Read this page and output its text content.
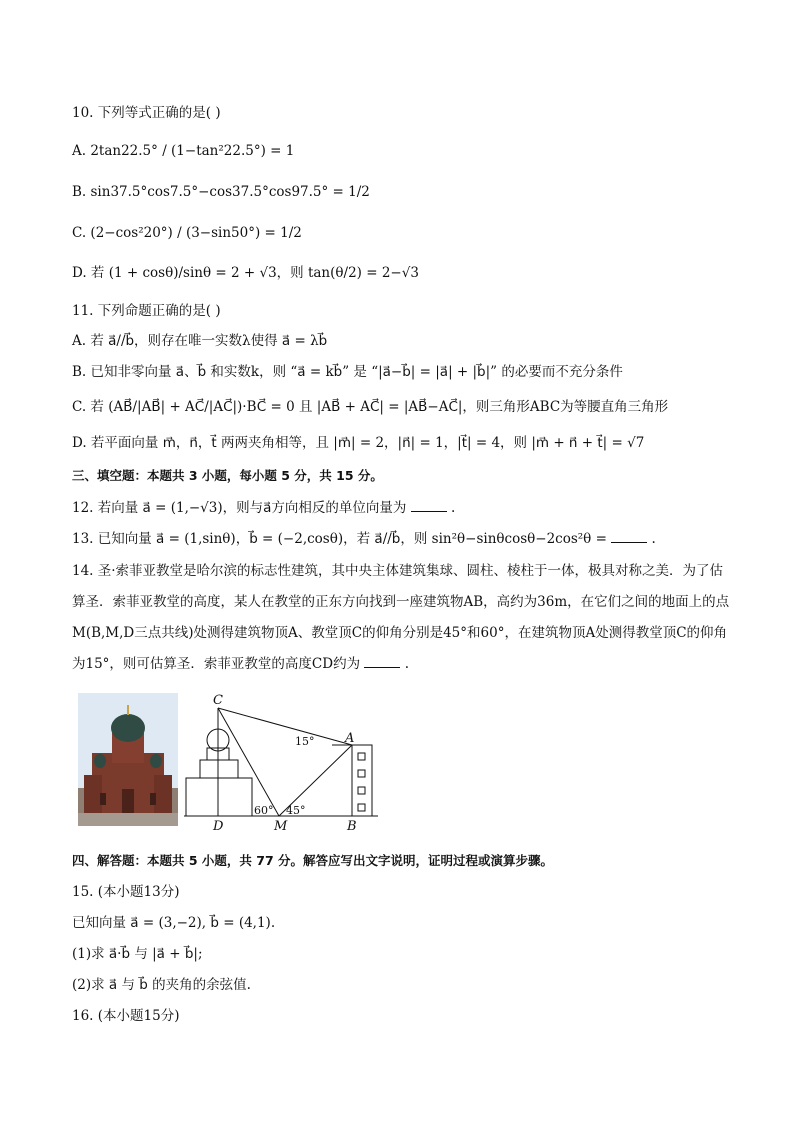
10. 下列等式正确的是( )
A. 2tan22.5° / (1−tan²22.5°) = 1
B. sin37.5°cos7.5°−cos37.5°cos97.5° = 1/2
C. (2−cos²20°) / (3−sin50°) = 1/2
D. 若 (1 + cosθ)/sinθ = 2 + √3，则 tan(θ/2) = 2−√3
11. 下列命题正确的是( )
A. 若 a⃗//b⃗，则存在唯一实数λ使得 a⃗ = λb⃗
B. 已知非零向量 a⃗、b⃗ 和实数k，则 “a⃗ = kb⃗” 是 “|a⃗−b⃗| = |a⃗| + |b⃗|” 的必要而不充分条件
C. 若 (AB⃗/|AB⃗| + AC⃗/|AC⃗|)·BC⃗ = 0 且 |AB⃗ + AC⃗| = |AB⃗−AC⃗|，则三角形ABC为等腰直角三角形
D. 若平面向量 m⃗，n⃗，t⃗ 两两夹角相等，且 |m⃗| = 2，|n⃗| = 1，|t⃗| = 4，则 |m⃗ + n⃗ + t⃗| = √7
三、填空题：本题共 3 小题，每小题 5 分，共 15 分。
12. 若向量 a⃗ = (1,−√3)，则与a⃗方向相反的单位向量为	.
13. 已知向量 a⃗ = (1,sinθ)，b⃗ = (−2,cosθ)，若 a⃗//b⃗，则 sin²θ−sinθcosθ−2cos²θ =	.
14. 圣·索菲亚教堂是哈尔滨的标志性建筑，其中央主体建筑集球、圆柱、棱柱于一体，极具对称之美．为了估算圣．索菲亚教堂的高度，某人在教堂的正东方向找到一座建筑物AB，高约为36m，在它们之间的地面上的点M(B,M,D三点共线)处测得建筑物顶A、教堂顶C的仰角分别是45°和60°，在建筑物顶A处测得教堂顶C的仰角为15°，则可估算圣．索菲亚教堂的高度CD约为	.
C
A
D	M	B
15°
60° 45°
四、解答题：本题共 5 小题，共 77 分。解答应写出文字说明，证明过程或演算步骤。
15. (本小题13分)
已知向量 a⃗ = (3,−2), b⃗ = (4,1).
(1)求 a⃗·b⃗ 与 |a⃗ + b⃗|;
(2)求 a⃗ 与 b⃗ 的夹角的余弦值.
16. (本小题15分)
